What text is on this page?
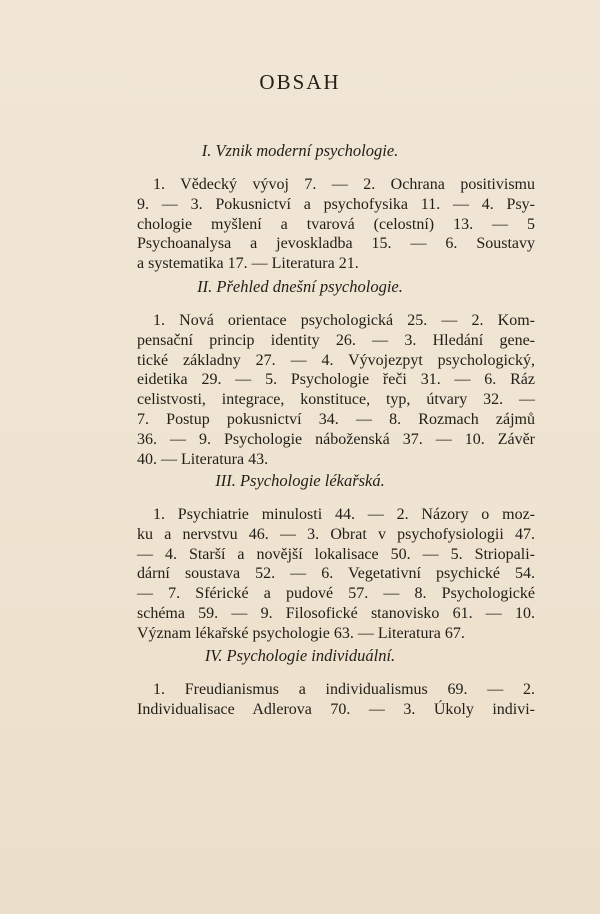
OBSAH
I. Vznik moderní psychologie.
1. Vědecký vývoj 7. — 2. Ochrana positivismu
9. — 3. Pokusnictví a psychofysika 11. — 4. Psy-
chologie myšlení a tvarová (celostní) 13. — 5
Psychoanalysa a jevoskladba 15. — 6. Soustavy
a systematika 17. — Literatura 21.
II. Přehled dnešní psychologie.
1. Nová orientace psychologická 25. — 2. Kom-
pensační princip identity 26. — 3. Hledání gene-
tické základny 27. — 4. Vývojezpyt psychologický,
eidetika 29. — 5. Psychologie řeči 31. — 6. Ráz
celistvosti, integrace, konstituce, typ, útvary 32. —
7. Postup pokusnictví 34. — 8. Rozmach zájmů
36. — 9. Psychologie náboženská 37. — 10. Závěr
40. — Literatura 43.
III. Psychologie lékařská.
1. Psychiatrie minulosti 44. — 2. Názory o moz-
ku a nervstvu 46. — 3. Obrat v psychofysiologii 47.
— 4. Starší a novější lokalisace 50. — 5. Striopali-
dární soustava 52. — 6. Vegetativní psychické 54.
— 7. Sférické a pudové 57. — 8. Psychologické
schéma 59. — 9. Filosofické stanovisko 61. — 10.
Význam lékařské psychologie 63. — Literatura 67.
IV. Psychologie individuální.
1. Freudianismus a individualismus 69. — 2.
Individualisace Adlerova 70. — 3. Úkoly indivi-
